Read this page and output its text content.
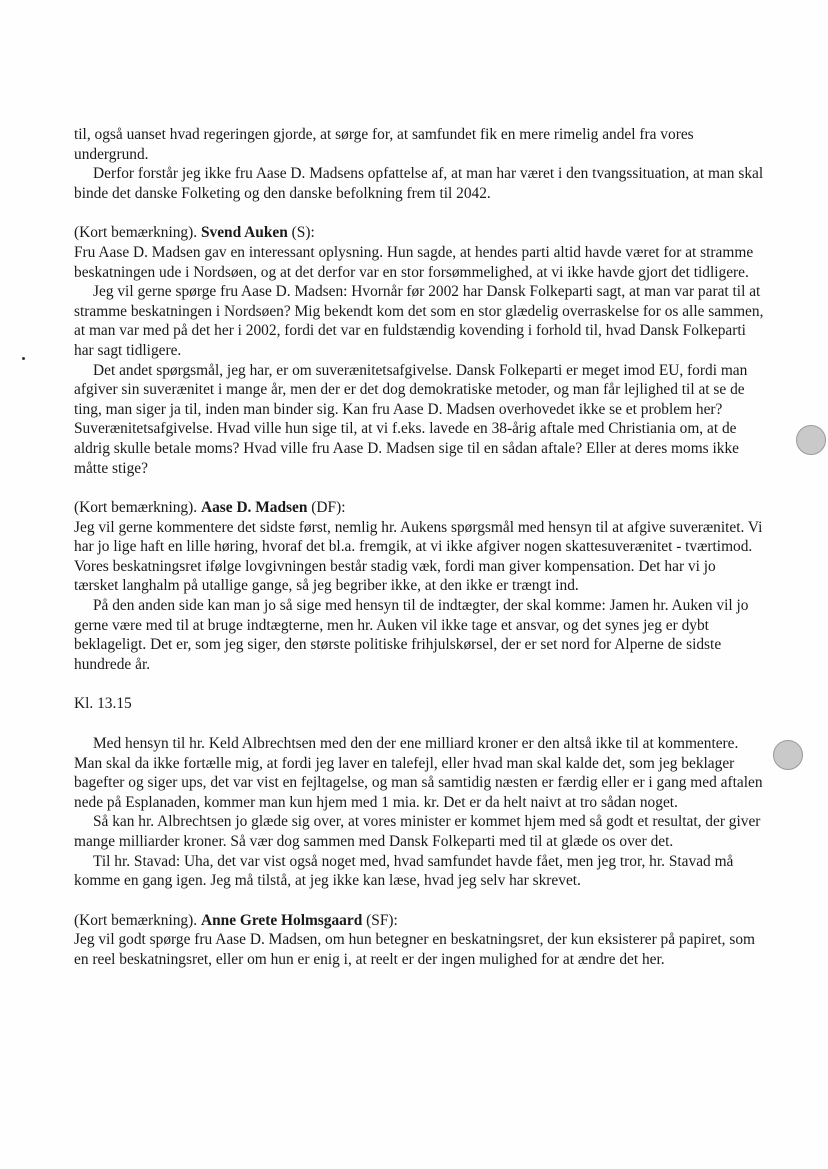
til, også uanset hvad regeringen gjorde, at sørge for, at samfundet fik en mere rimelig andel fra vores undergrund.

Derfor forstår jeg ikke fru Aase D. Madsens opfattelse af, at man har været i den tvangssituation, at man skal binde det danske Folketing og den danske befolkning frem til 2042.

(Kort bemærkning). Svend Auken (S):

Fru Aase D. Madsen gav en interessant oplysning. Hun sagde, at hendes parti altid havde været for at stramme beskatningen ude i Nordsøen, og at det derfor var en stor forsømmelighed, at vi ikke havde gjort det tidligere.

Jeg vil gerne spørge fru Aase D. Madsen: Hvornår før 2002 har Dansk Folkeparti sagt, at man var parat til at stramme beskatningen i Nordsøen? Mig bekendt kom det som en stor glædelig overraskelse for os alle sammen, at man var med på det her i 2002, fordi det var en fuldstændig kovending i forhold til, hvad Dansk Folkeparti har sagt tidligere.

Det andet spørgsmål, jeg har, er om suverænitetsafgivelse. Dansk Folkeparti er meget imod EU, fordi man afgiver sin suverænitet i mange år, men der er det dog demokratiske metoder, og man får lejlighed til at se de ting, man siger ja til, inden man binder sig. Kan fru Aase D. Madsen overhovedet ikke se et problem her? Suverænitetsafgivelse. Hvad ville hun sige til, at vi f.eks. lavede en 38-årig aftale med Christiania om, at de aldrig skulle betale moms? Hvad ville fru Aase D. Madsen sige til en sådan aftale? Eller at deres moms ikke måtte stige?

(Kort bemærkning). Aase D. Madsen (DF):

Jeg vil gerne kommentere det sidste først, nemlig hr. Aukens spørgsmål med hensyn til at afgive suverænitet. Vi har jo lige haft en lille høring, hvoraf det bl.a. fremgik, at vi ikke afgiver nogen skattesuverænitet - tværtimod. Vores beskatningsret ifølge lovgivningen består stadig væk, fordi man giver kompensation. Det har vi jo tærsket langhalm på utallige gange, så jeg begriber ikke, at den ikke er trængt ind.

På den anden side kan man jo så sige med hensyn til de indtægter, der skal komme: Jamen hr. Auken vil jo gerne være med til at bruge indtægterne, men hr. Auken vil ikke tage et ansvar, og det synes jeg er dybt beklageligt. Det er, som jeg siger, den største politiske frihjulskørsel, der er set nord for Alperne de sidste hundrede år.

Kl. 13.15

Med hensyn til hr. Keld Albrechtsen med den der ene milliard kroner er den altså ikke til at kommentere. Man skal da ikke fortælle mig, at fordi jeg laver en talefejl, eller hvad man skal kalde det, som jeg beklager bagefter og siger ups, det var vist en fejltagelse, og man så samtidig næsten er færdig eller er i gang med aftalen nede på Esplanaden, kommer man kun hjem med 1 mia. kr. Det er da helt naivt at tro sådan noget.

Så kan hr. Albrechtsen jo glæde sig over, at vores minister er kommet hjem med så godt et resultat, der giver mange milliarder kroner. Så vær dog sammen med Dansk Folkeparti med til at glæde os over det.

Til hr. Stavad: Uha, det var vist også noget med, hvad samfundet havde fået, men jeg tror, hr. Stavad må komme en gang igen. Jeg må tilstå, at jeg ikke kan læse, hvad jeg selv har skrevet.

(Kort bemærkning). Anne Grete Holmsgaard (SF):

Jeg vil godt spørge fru Aase D. Madsen, om hun betegner en beskatningsret, der kun eksisterer på papiret, som en reel beskatningsret, eller om hun er enig i, at reelt er der ingen mulighed for at ændre det her.
